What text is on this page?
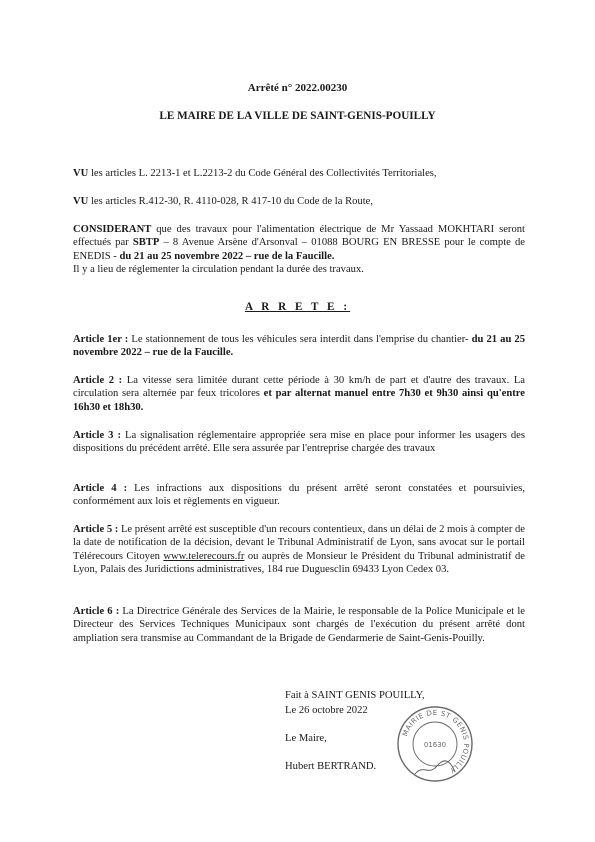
Arrêté n° 2022.00230
LE MAIRE DE LA VILLE DE SAINT-GENIS-POUILLY

VU les articles L. 2213-1 et L.2213-2 du Code Général des Collectivités Territoriales,

VU les articles R.412-30, R. 4110-028, R 417-10 du Code de la Route,

CONSIDERANT que des travaux pour l'alimentation électrique de Mr Yassaad MOKHTARI seront effectués par SBTP – 8 Avenue Arsène d'Arsonval – 01088 BOURG EN BRESSE pour le compte de ENEDIS - du 21 au 25 novembre 2022 – rue de la Faucille.

Il y a lieu de réglementer la circulation pendant la durée des travaux.

A R R E T E :

Article 1er : Le stationnement de tous les véhicules sera interdit dans l'emprise du chantier- du 21 au 25 novembre 2022 – rue de la Faucille.

Article 2 : La vitesse sera limitée durant cette période à 30 km/h de part et d'autre des travaux. La circulation sera alternée par feux tricolores et par alternat manuel entre 7h30 et 9h30 ainsi qu'entre 16h30 et 18h30.

Article 3 : La signalisation réglementaire appropriée sera mise en place pour informer les usagers des dispositions du précédent arrêté. Elle sera assurée par l'entreprise chargée des travaux

Article 4 : Les infractions aux dispositions du présent arrêté seront constatées et poursuivies, conformément aux lois et règlements en vigueur.

Article 5 : Le présent arrêté est susceptible d'un recours contentieux, dans un délai de 2 mois à compter de la date de notification de la décision, devant le Tribunal Administratif de Lyon, sans avocat sur le portail Télérecours Citoyen www.telerecours.fr ou auprès de Monsieur le Président du Tribunal administratif de Lyon, Palais des Juridictions administratives, 184 rue Duguesclin 69433 Lyon Cedex 03.

Article 6 : La Directrice Générale des Services de la Mairie, le responsable de la Police Municipale et le Directeur des Services Techniques Municipaux sont chargés de l'exécution du présent arrêté dont ampliation sera transmise au Commandant de la Brigade de Gendarmerie de Saint-Genis-Pouilly.

Fait à SAINT GENIS POUILLY,
Le 26 octobre 2022
Le Maire,
Hubert BERTRAND.
MAIRIE DE ST GENIS POUILLY
01630
